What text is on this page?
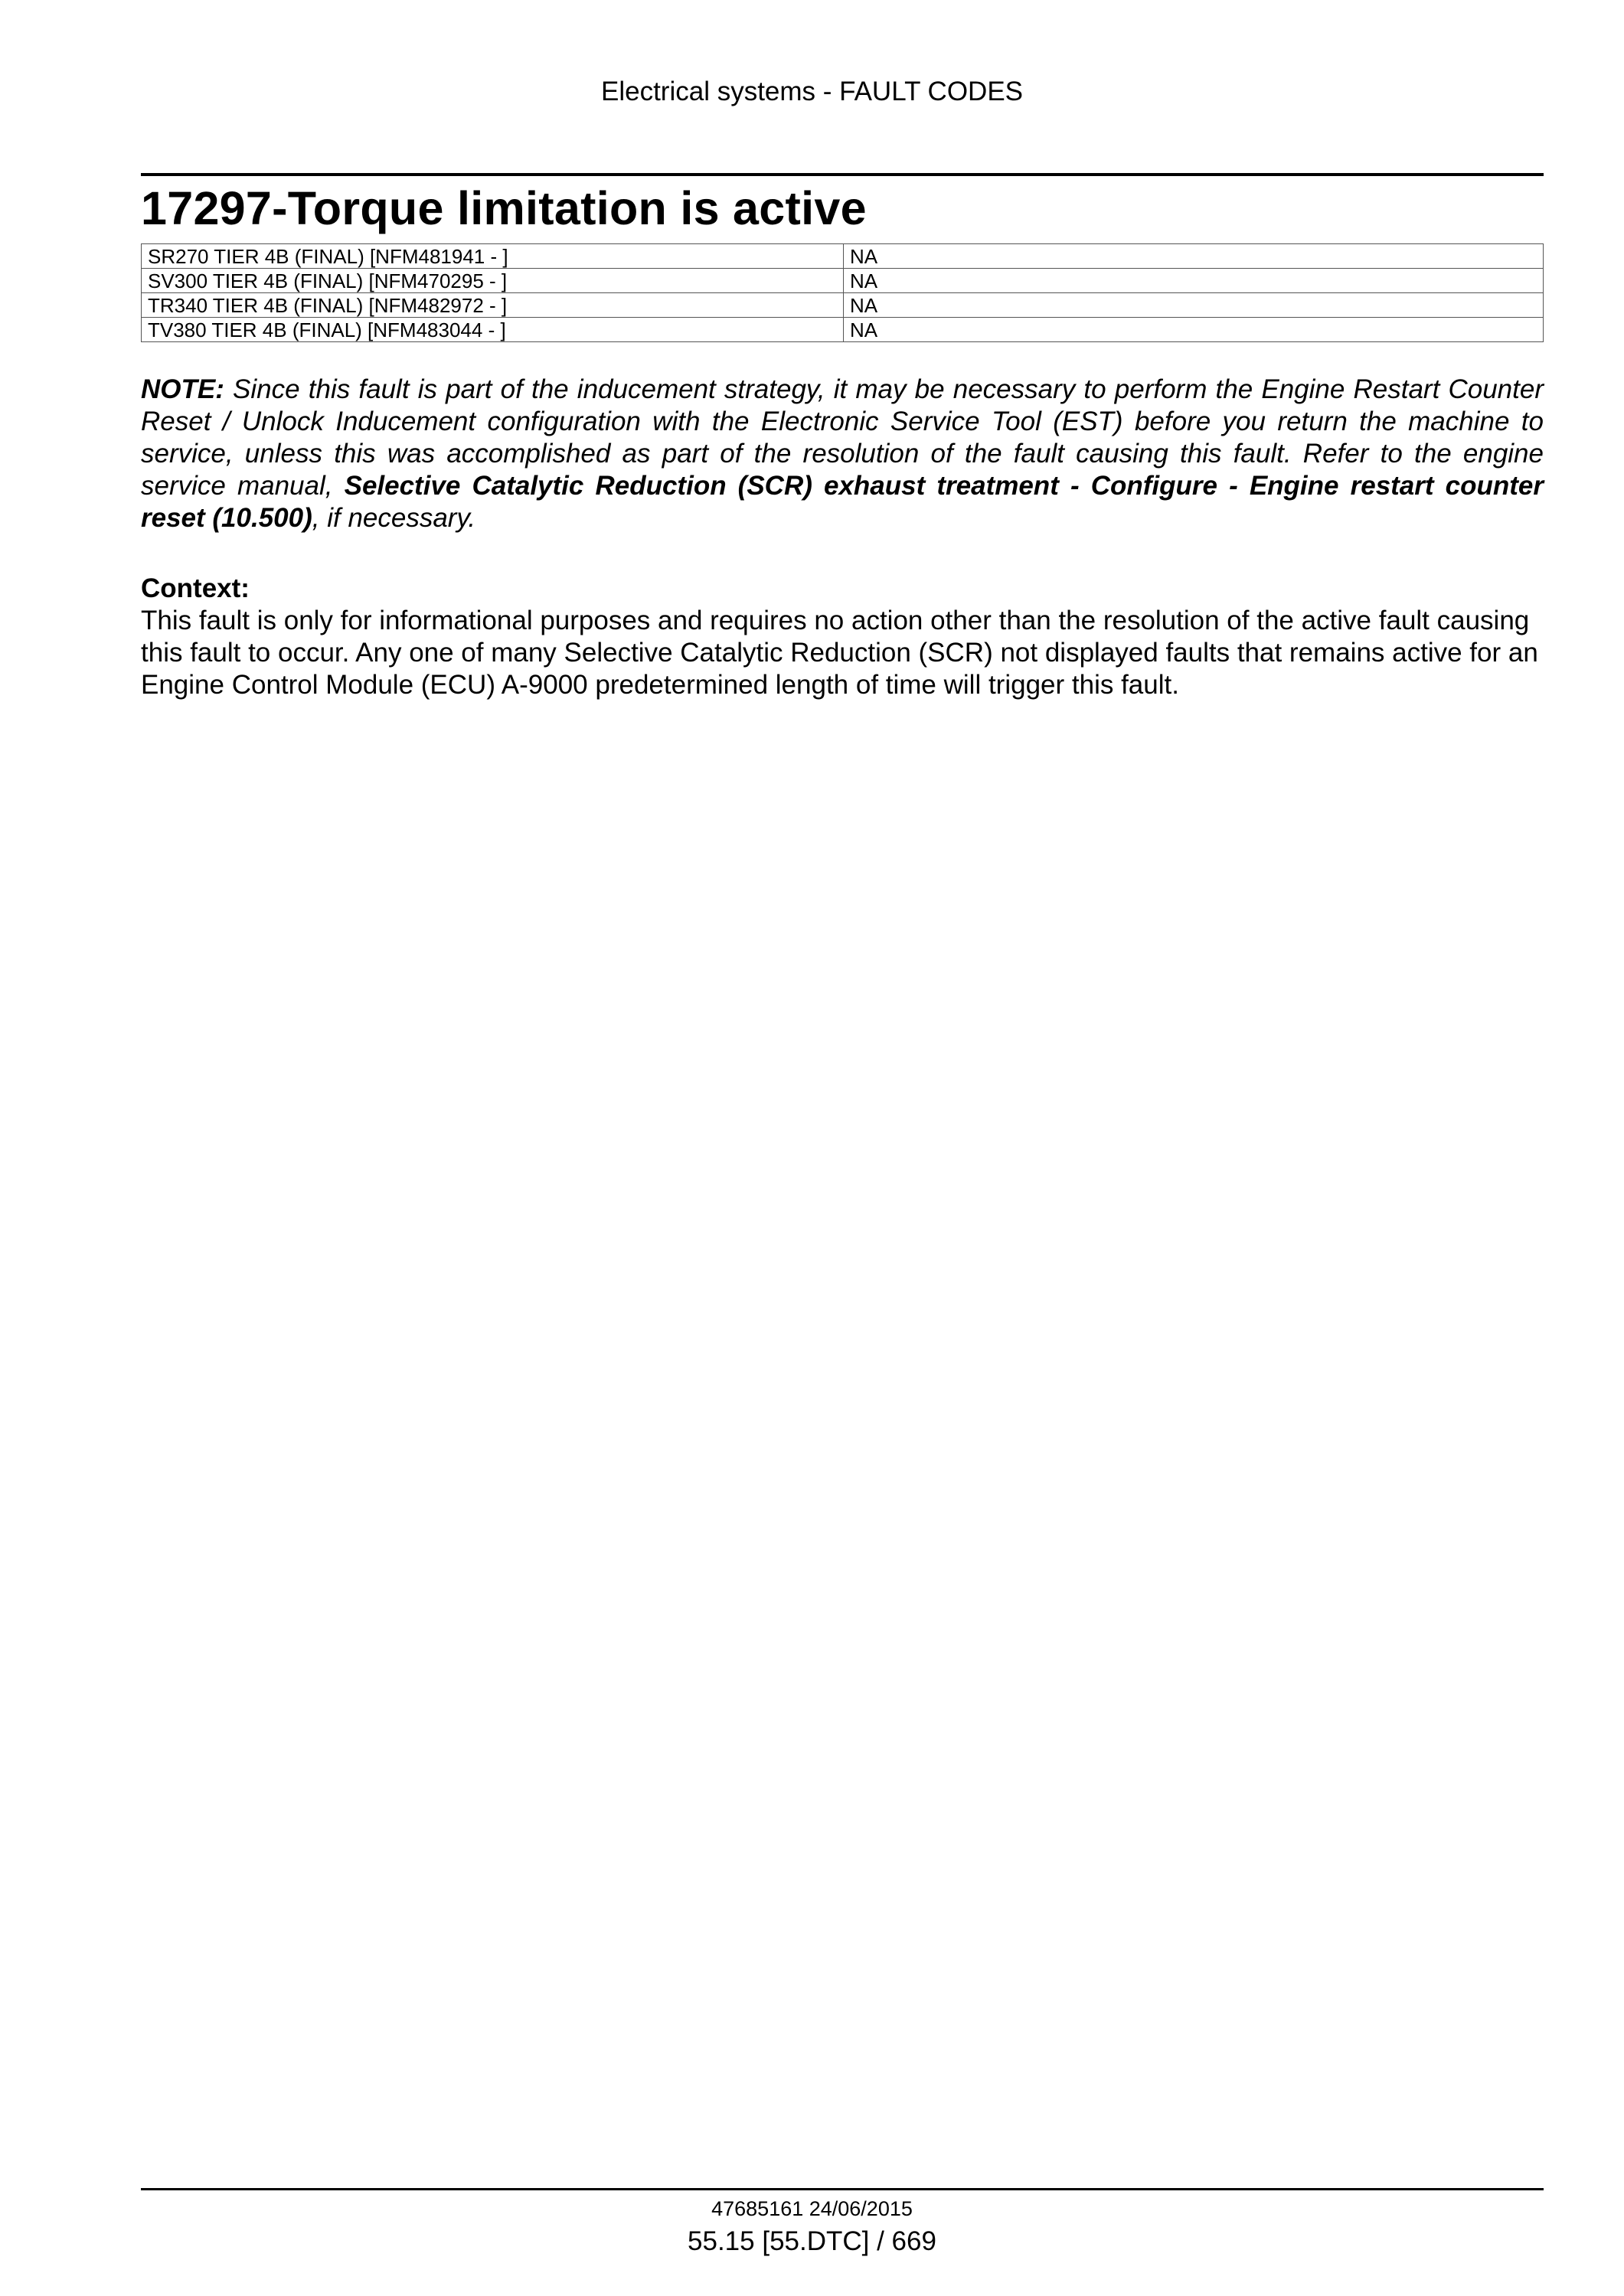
Electrical systems - FAULT CODES
17297-Torque limitation is active
SR270 TIER 4B (FINAL) [NFM481941 - ]	NA
SV300 TIER 4B (FINAL) [NFM470295 - ]	NA
TR340 TIER 4B (FINAL) [NFM482972 - ]	NA
TV380 TIER 4B (FINAL) [NFM483044 - ]	NA

NOTE: Since this fault is part of the inducement strategy, it may be necessary to perform the Engine Restart Counter Reset / Unlock Inducement configuration with the Electronic Service Tool (EST) before you return the machine to service, unless this was accomplished as part of the resolution of the fault causing this fault. Refer to the engine service manual, Selective Catalytic Reduction (SCR) exhaust treatment - Configure - Engine restart counter reset (10.500), if necessary.

Context:

This fault is only for informational purposes and requires no action other than the resolution of the active fault causing this fault to occur. Any one of many Selective Catalytic Reduction (SCR) not displayed faults that remains active for an Engine Control Module (ECU) A-9000 predetermined length of time will trigger this fault.

47685161 24/06/2015
55.15 [55.DTC] / 669
